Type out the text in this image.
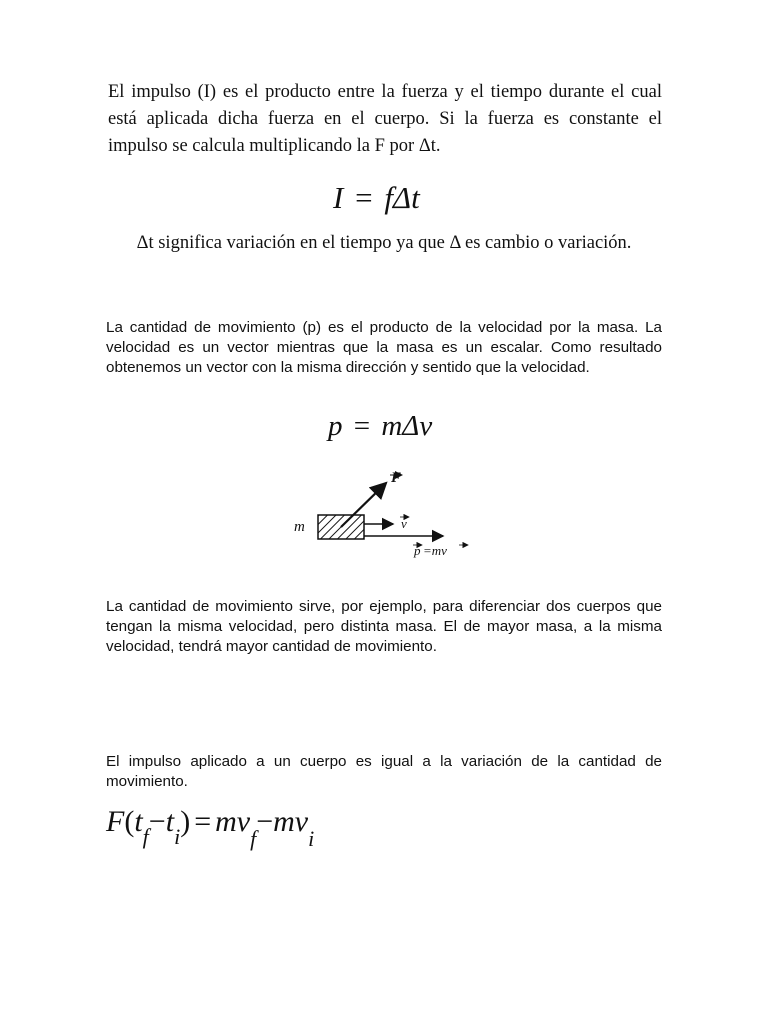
El impulso (I) es el producto entre la fuerza y el tiempo durante el cual está aplicada dicha fuerza en el cuerpo. Si la fuerza es constante el impulso se calcula multiplicando la F por Δt.

I = fΔt

Δt significa variación en el tiempo ya que Δ es cambio o variación.

La cantidad de movimiento (p) es el producto de la velocidad por la masa. La velocidad es un vector mientras que la masa es un escalar. Como resultado obtenemos un vector con la misma dirección y sentido que la velocidad.

p = mΔv⃗
m
F
v
p =mv

La cantidad de movimiento sirve, por ejemplo, para diferenciar dos cuerpos que tengan la misma velocidad, pero distinta masa. El de mayor masa, a la misma velocidad, tendrá mayor cantidad de movimiento.

El impulso aplicado a un cuerpo es igual a la variación de la cantidad de movimiento.

$F(t_f-t_i) = mv_f-mv_i$
